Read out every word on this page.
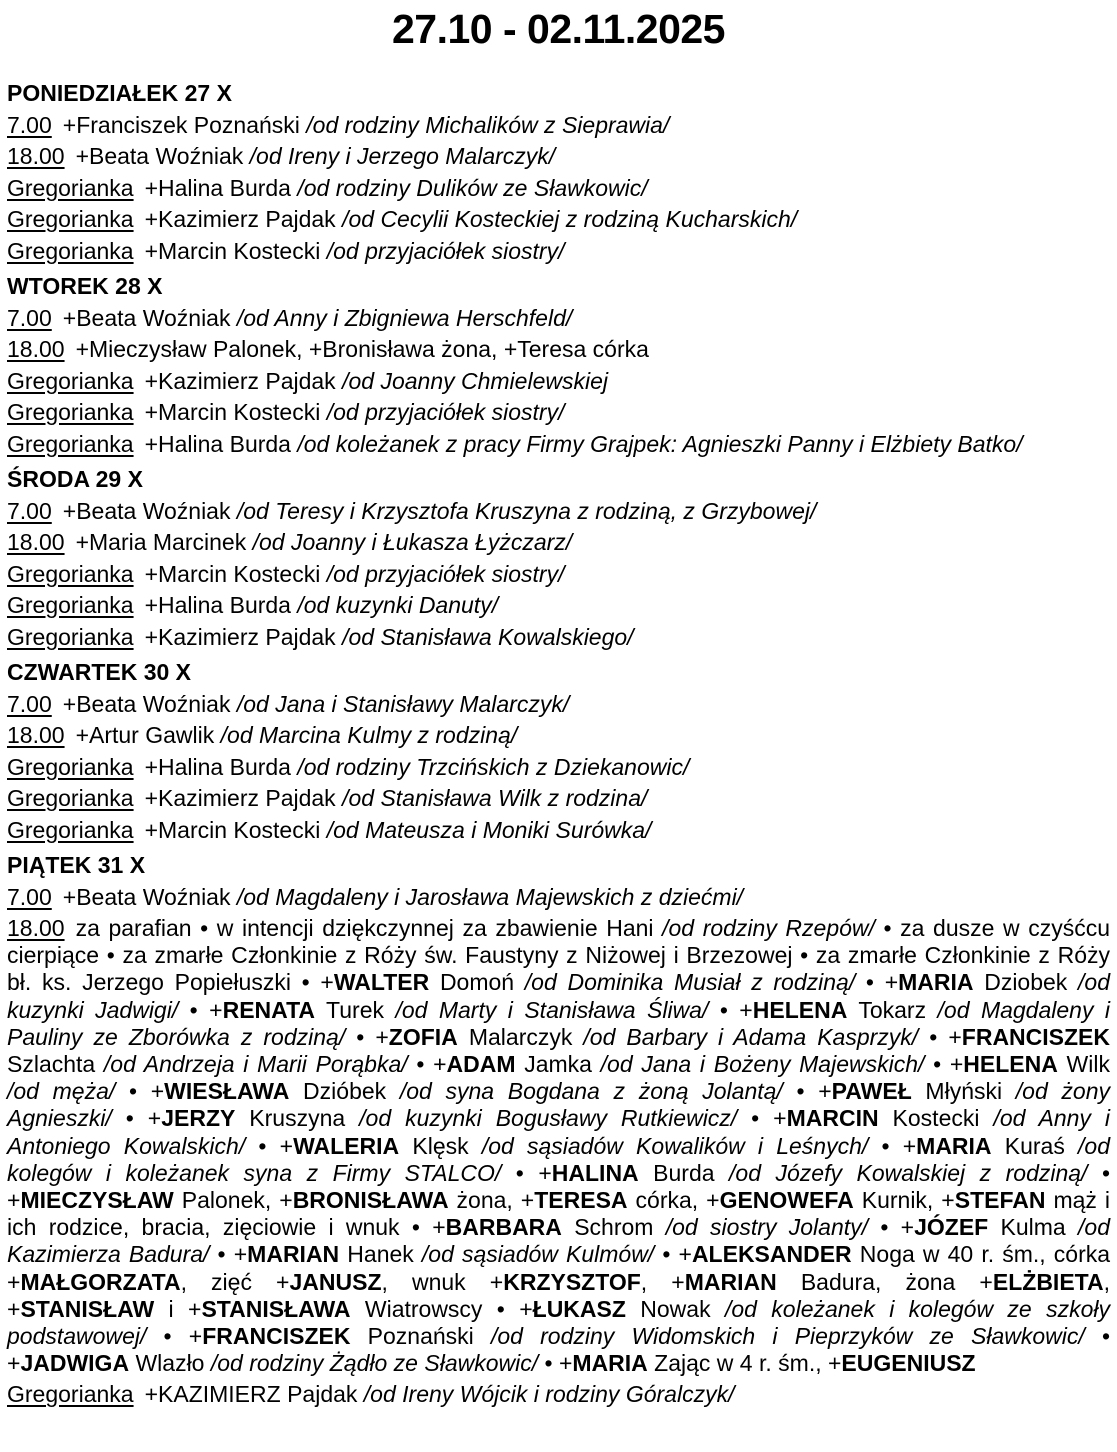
27.10 - 02.11.2025
PONIEDZIAŁEK 27 X
7.00 +Franciszek Poznański /od rodziny Michalików z Sieprawia/
18.00 +Beata Woźniak /od Ireny i Jerzego Malarczyk/
Gregorianka +Halina Burda /od rodziny Dulików ze Sławkowic/
Gregorianka +Kazimierz Pajdak /od Cecylii Kosteckiej z rodziną Kucharskich/
Gregorianka +Marcin Kostecki /od przyjaciółek siostry/
WTOREK 28 X
7.00 +Beata Woźniak /od Anny i Zbigniewa Herschfeld/
18.00 +Mieczysław Palonek, +Bronisława żona, +Teresa córka
Gregorianka +Kazimierz Pajdak /od Joanny Chmielewskiej
Gregorianka +Marcin Kostecki /od przyjaciółek siostry/
Gregorianka +Halina Burda /od koleżanek z pracy Firmy Grajpek: Agnieszki Panny i Elżbiety Batko/
ŚRODA 29 X
7.00 +Beata Woźniak /od Teresy i Krzysztofa Kruszyna z rodziną, z Grzybowej/
18.00 +Maria Marcinek /od Joanny i Łukasza Łyżczarz/
Gregorianka +Marcin Kostecki /od przyjaciółek siostry/
Gregorianka +Halina Burda /od kuzynki Danuty/
Gregorianka +Kazimierz Pajdak /od Stanisława Kowalskiego/
CZWARTEK 30 X
7.00 +Beata Woźniak /od Jana i Stanisławy Malarczyk/
18.00 +Artur Gawlik /od Marcina Kulmy z rodziną/
Gregorianka +Halina Burda /od rodziny Trzcińskich z Dziekanowic/
Gregorianka +Kazimierz Pajdak /od Stanisława Wilk z rodzina/
Gregorianka +Marcin Kostecki /od Mateusza i Moniki Surówka/
PIĄTEK 31 X
7.00 +Beata Woźniak /od Magdaleny i Jarosława Majewskich z dziećmi/
18.00 za parafian • w intencji dziękczynnej za zbawienie Hani /od rodziny Rzepów/ • za dusze w czyśćcu cierpiące • za zmarłe Członkinie z Róży św. Faustyny z Niżowej i Brzezowej • za zmarłe Członkinie z Róży bł. ks. Jerzego Popiełuszki • +WALTER Domoń /od Dominika Musiał z rodziną/ • +MARIA Dziobek /od kuzynki Jadwigi/ • +RENATA Turek /od Marty i Stanisława Śliwa/ • +HELENA Tokarz /od Magdaleny i Pauliny ze Zborówka z rodziną/ • +ZOFIA Malarczyk /od Barbary i Adama Kasprzyk/ • +FRANCISZEK Szlachta /od Andrzeja i Marii Porąbka/ • +ADAM Jamka /od Jana i Bożeny Majewskich/ • +HELENA Wilk /od męża/ • +WIESŁAWA Dzióbek /od syna Bogdana z żoną Jolantą/ • +PAWEŁ Młyński /od żony Agnieszki/ • +JERZY Kruszyna /od kuzynki Bogusławy Rutkiewicz/ • +MARCIN Kostecki /od Anny i Antoniego Kowalskich/ • +WALERIA Klęsk /od sąsiadów Kowalików i Leśnych/ • +MARIA Kuraś /od kolegów i koleżanek syna z Firmy STALCO/ • +HALINA Burda /od Józefy Kowalskiej z rodziną/ • +MIECZYSŁAW Palonek, +BRONISŁAWA żona, +TERESA córka, +GENOWEFA Kurnik, +STEFAN mąż i ich rodzice, bracia, zięciowie i wnuk • +BARBARA Schrom /od siostry Jolanty/ • +JÓZEF Kulma /od Kazimierza Badura/ • +MARIAN Hanek /od sąsiadów Kulmów/ • +ALEKSANDER Noga w 40 r. śm., córka +MAŁGORZATA, zięć +JANUSZ, wnuk +KRZYSZTOF, +MARIAN Badura, żona +ELŻBIETA, +STANISŁAW i +STANISŁAWA Wiatrowscy • +ŁUKASZ Nowak /od koleżanek i kolegów ze szkoły podstawowej/ • +FRANCISZEK Poznański /od rodziny Widomskich i Pieprzyków ze Sławkowic/ • +JADWIGA Wlazło /od rodziny Żądło ze Sławkowic/ • +MARIA Zając w 4 r. śm., +EUGENIUSZ
Gregorianka +KAZIMIERZ Pajdak /od Ireny Wójcik i rodziny Góralczyk/
